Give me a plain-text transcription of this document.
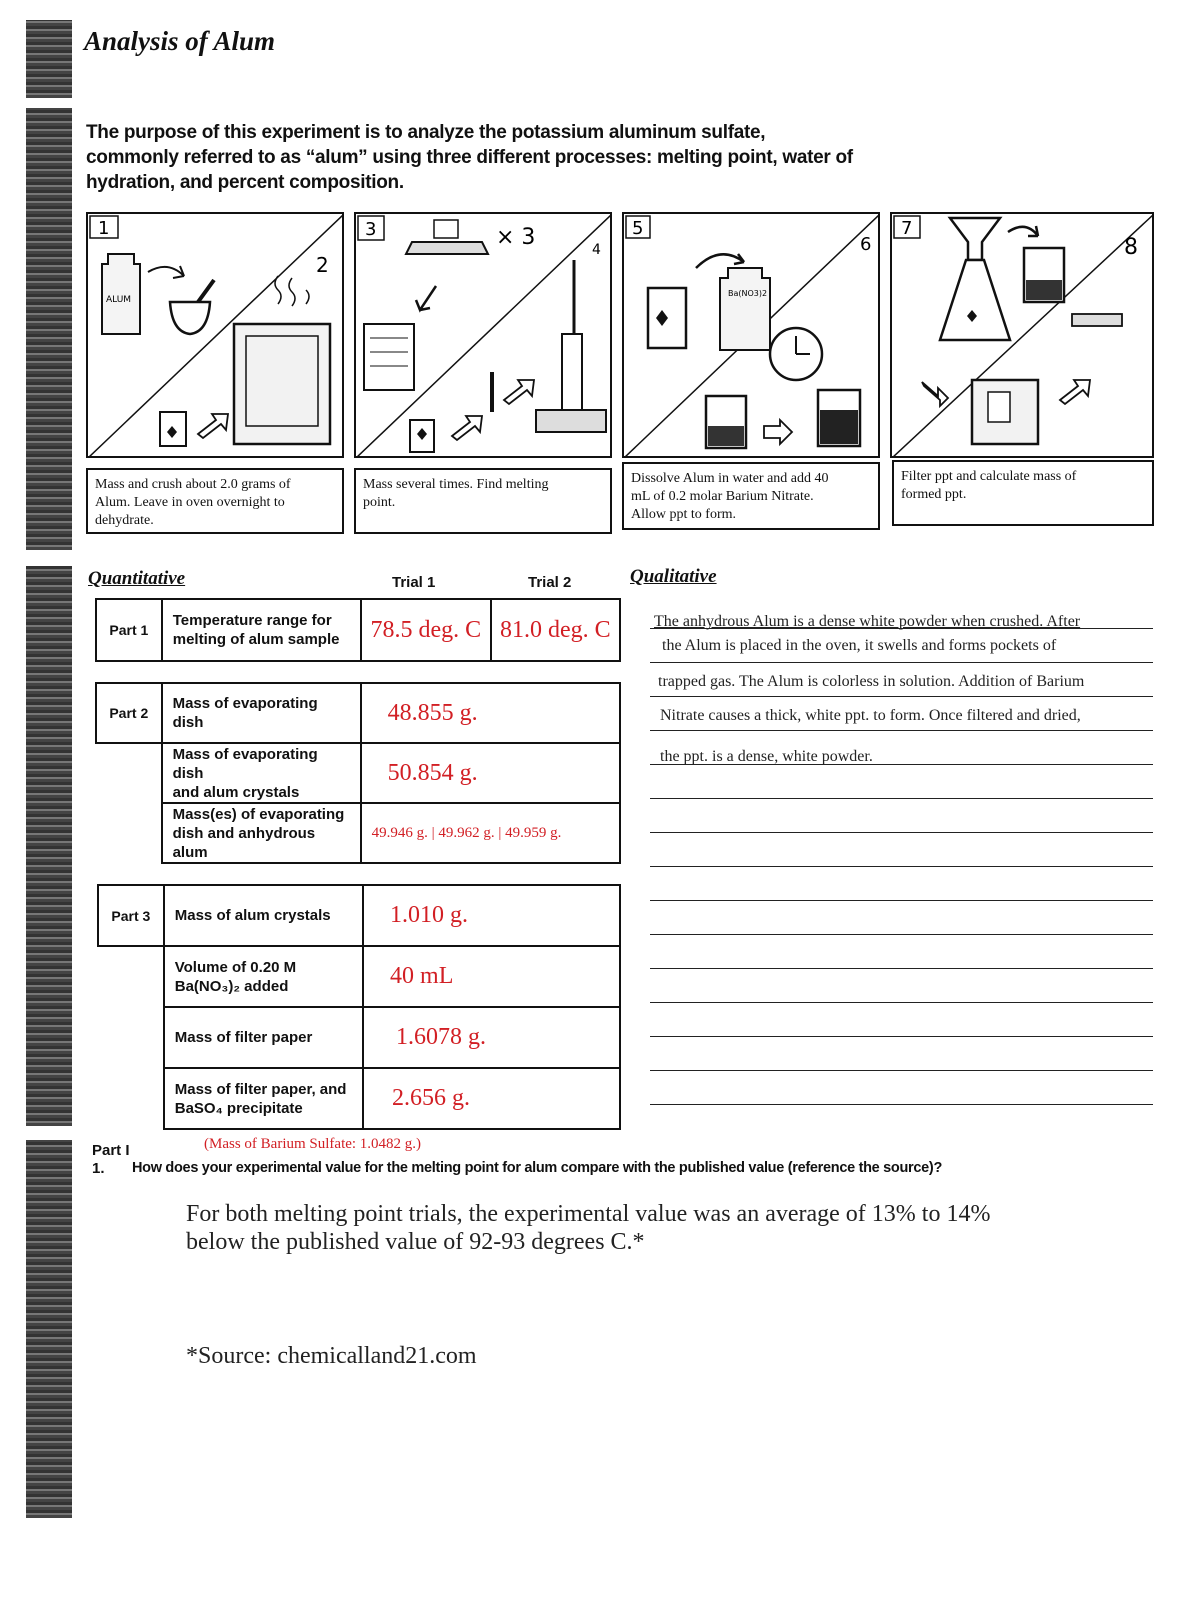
Analysis of Alum
The purpose of this experiment is to analyze the potassium aluminum sulfate,
commonly referred to as “alum” using three different processes: melting point, water of
hydration, and percent composition.
1
2
ALUM
3	× 3	4
5
6
Ba(NO3)2
7
8
Mass and crush about 2.0 grams of
Alum. Leave in oven overnight to
dehydrate.
Mass several times. Find melting
point.
Dissolve Alum in water and add 40
mL of 0.2 molar Barium Nitrate.
Allow ppt to form.
Filter ppt and calculate mass of
formed ppt.
Quantitative	Trial 1	Trial 2
Part 1	
Temperature range for
melting of alum sample	78.5 deg. C	81.0 deg. C
Part 2	Mass of evaporating dish	48.855 g.

	Mass of evaporating dish
and alum crystals	50.854 g.

	Mass(es) of evaporating
dish and anhydrous alum	49.946 g. | 49.962 g. | 49.959 g.
Part 3	Mass of alum crystals	1.010 g.

	Volume of 0.20 M
Ba(NO₃)₂ added	40 mL

	Mass of filter paper	1.6078 g.

	Mass of filter paper, and
BaSO₄ precipitate	2.656 g.
Qualitative
The anhydrous Alum is a dense white powder when crushed. After
the Alum is placed in the oven, it swells and forms pockets of
trapped gas. The Alum is colorless in solution. Addition of Barium
Nitrate causes a thick, white ppt. to form. Once filtered and dried,
the ppt. is a dense, white powder.
(Mass of Barium Sulfate: 1.0482 g.)
Part I
1. How does your experimental value for the melting point for alum compare with the published value (reference the source)?
For both melting point trials, the experimental value was an average of 13% to 14%
below the published value of 92-93 degrees C.*
*Source: chemicalland21.com
